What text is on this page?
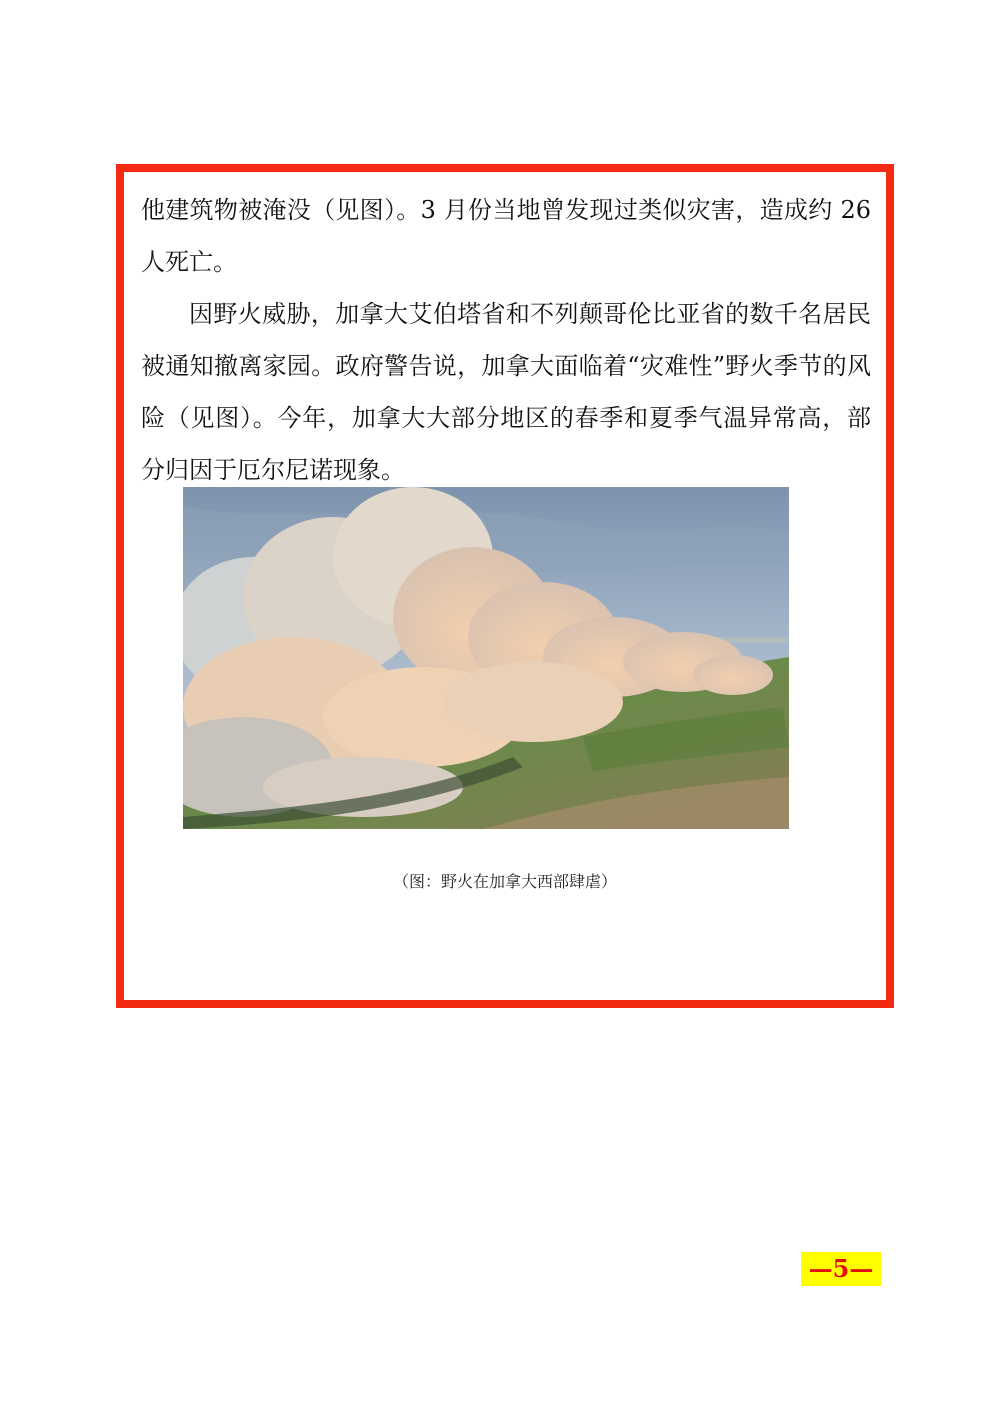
他建筑物被淹没（见图）。3 月份当地曾发现过类似灾害，造成约 26 人死亡。

因野火威胁，加拿大艾伯塔省和不列颠哥伦比亚省的数千名居民被通知撤离家园。政府警告说，加拿大面临着“灾难性”野火季节的风险（见图）。今年，加拿大大部分地区的春季和夏季气温异常高，部分归因于厄尔尼诺现象。

（图：野火在加拿大西部肆虐）
—5—
